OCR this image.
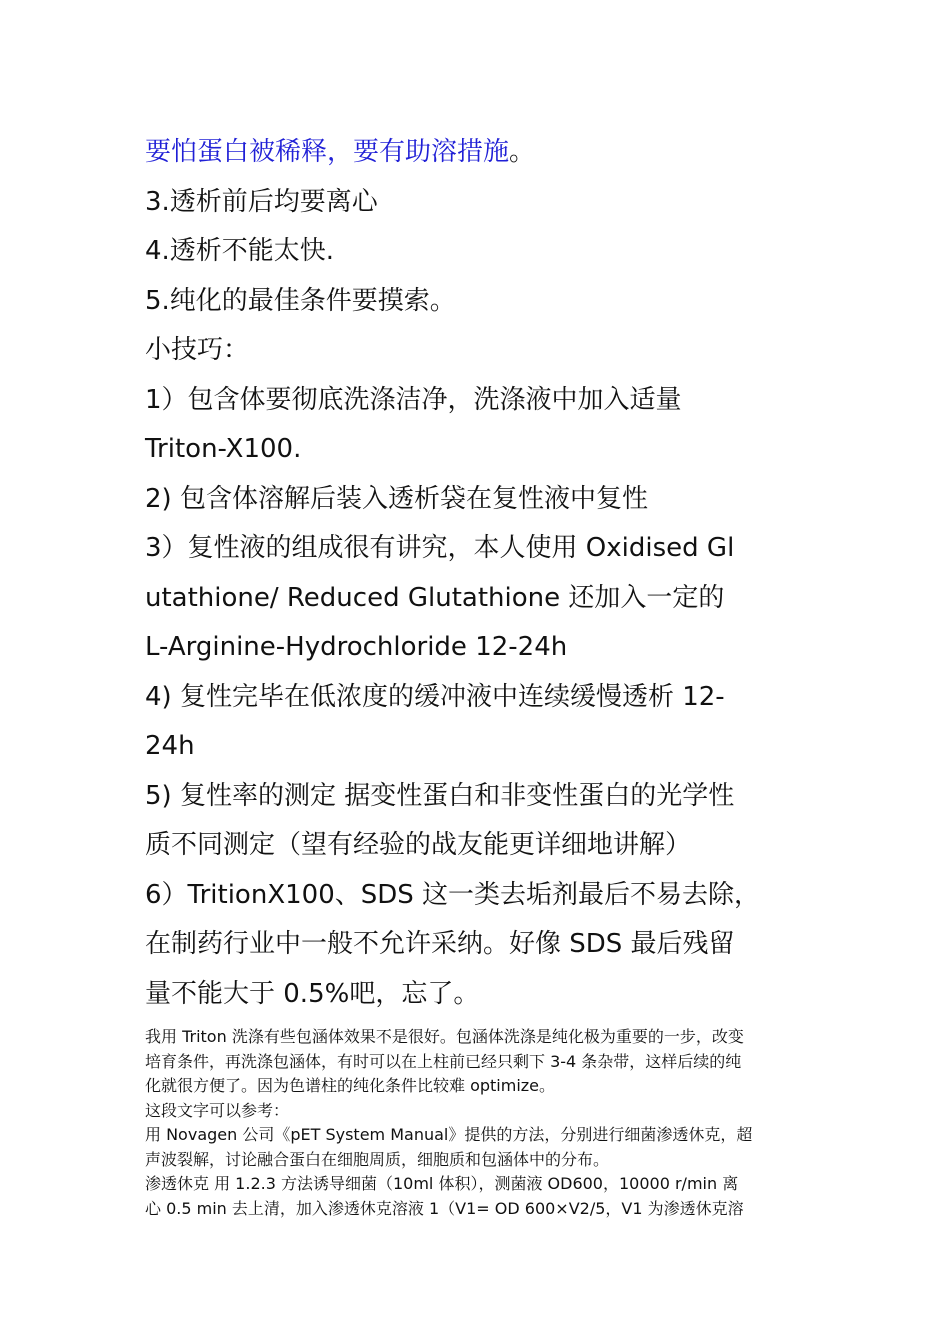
要怕蛋白被稀释，要有助溶措施。

3.透析前后均要离心

4.透析不能太快.

5.纯化的最佳条件要摸索。

小技巧：

1）包含体要彻底洗涤洁净，洗涤液中加入适量

Triton-X100.

2) 包含体溶解后装入透析袋在复性液中复性

3）复性液的组成很有讲究，本人使用 Oxidised Gl

utathione/ Reduced Glutathione 还加入一定的

L-Arginine-Hydrochloride 12-24h

4) 复性完毕在低浓度的缓冲液中连续缓慢透析 12-

24h

5) 复性率的测定 据变性蛋白和非变性蛋白的光学性

质不同测定（望有经验的战友能更详细地讲解）

6）TritionX100、SDS 这一类去垢剂最后不易去除，

在制药行业中一般不允许采纳。好像 SDS 最后残留

量不能大于 0.5%吧，忘了。

我用 Triton 洗涤有些包涵体效果不是很好。包涵体洗涤是纯化极为重要的一步，改变

培育条件，再洗涤包涵体，有时可以在上柱前已经只剩下 3-4 条杂带，这样后续的纯

化就很方便了。因为色谱柱的纯化条件比较难 optimize。

这段文字可以参考：

用 Novagen 公司《pET System Manual》提供的方法，分别进行细菌渗透休克，超

声波裂解，讨论融合蛋白在细胞周质，细胞质和包涵体中的分布。

渗透休克 用 1.2.3 方法诱导细菌（10ml 体积），测菌液 OD600，10000 r/min 离

心 0.5 min 去上清，加入渗透休克溶液 1（V1= OD 600×V2/5，V1 为渗透休克溶
